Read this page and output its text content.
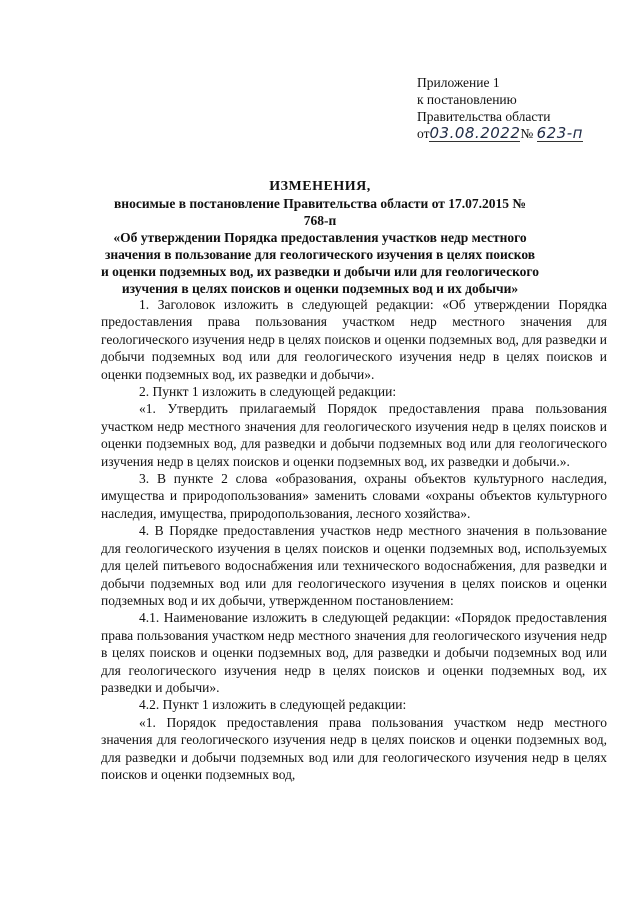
Приложение 1
к постановлению
Правительства области
от03.08.2022№ 623-п
ИЗМЕНЕНИЯ,
вносимые в постановление Правительства области от 17.07.2015 № 768-п
«Об утверждении Порядка предоставления участков недр местного
значения в пользование для геологического изучения в целях поисков
и оценки подземных вод, их разведки и добычи или для геологического
изучения в целях поисков и оценки подземных вод и их добычи»

1. Заголовок изложить в следующей редакции: «Об утверждении Порядка предоставления права пользования участком недр местного значения для геологического изучения недр в целях поисков и оценки подземных вод, для разведки и добычи подземных вод или для геологического изучения недр в целях поисков и оценки подземных вод, их разведки и добычи».

2. Пункт 1 изложить в следующей редакции:

«1. Утвердить прилагаемый Порядок предоставления права пользования участком недр местного значения для геологического изучения недр в целях поисков и оценки подземных вод, для разведки и добычи подземных вод или для геологического изучения недр в целях поисков и оценки подземных вод, их разведки и добычи.».

3. В пункте 2 слова «образования, охраны объектов культурного наследия, имущества и природопользования» заменить словами «охраны объектов культурного наследия, имущества, природопользования, лесного хозяйства».

4. В Порядке предоставления участков недр местного значения в пользование для геологического изучения в целях поисков и оценки подземных вод, используемых для целей питьевого водоснабжения или технического водоснабжения, для разведки и добычи подземных вод или для геологического изучения в целях поисков и оценки подземных вод и их добычи, утвержденном постановлением:

4.1. Наименование изложить в следующей редакции: «Порядок предоставления права пользования участком недр местного значения для геологического изучения недр в целях поисков и оценки подземных вод, для разведки и добычи подземных вод или для геологического изучения недр в целях поисков и оценки подземных вод, их разведки и добычи».

4.2. Пункт 1 изложить в следующей редакции:

«1. Порядок предоставления права пользования участком недр местного значения для геологического изучения недр в целях поисков и оценки подземных вод, для разведки и добычи подземных вод или для геологического изучения недр в целях поисков и оценки подземных вод,
